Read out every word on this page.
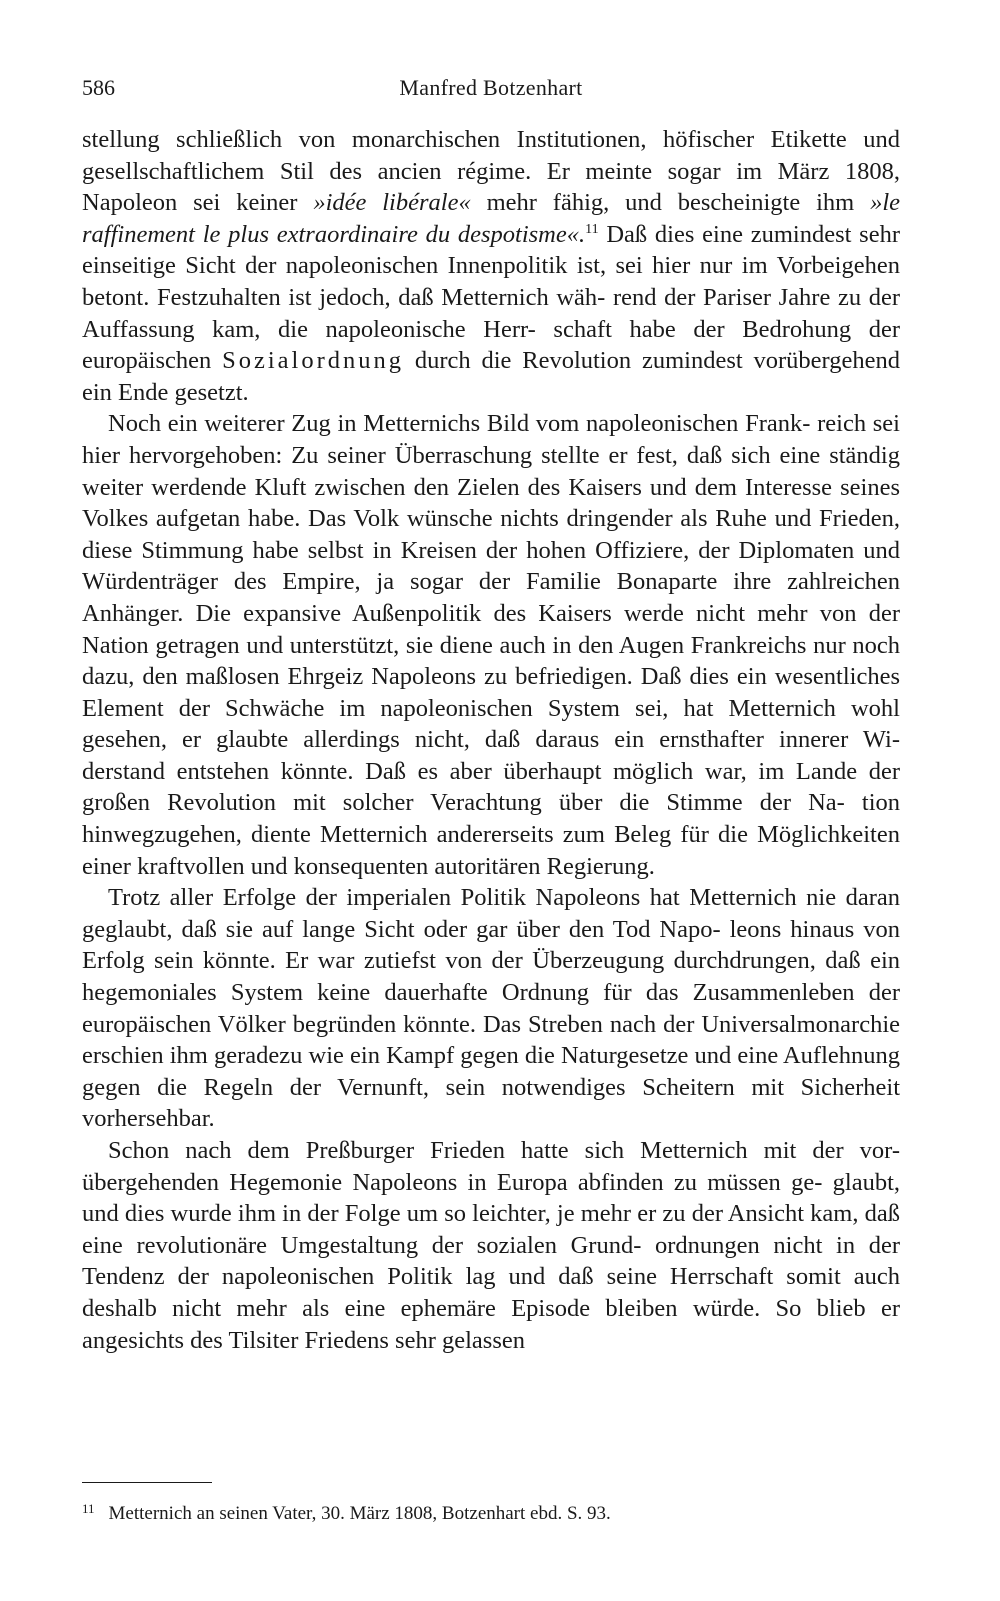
586	Manfred Botzenhart

stellung schließlich von monarchischen Institutionen, höfischer Etikette und gesellschaftlichem Stil des ancien régime. Er meinte sogar im März 1808, Napoleon sei keiner »idée libérale« mehr fähig, und bescheinigte ihm »le raffinement le plus extraordinaire du despotisme«.$^{11}$ Daß dies eine zumindest sehr einseitige Sicht der napoleonischen Innenpolitik ist, sei hier nur im Vorbeigehen betont. Festzuhalten ist jedoch, daß Metternich wäh- rend der Pariser Jahre zu der Auffassung kam, die napoleonische Herr- schaft habe der Bedrohung der europäischen Sozialordnung durch die Revolution zumindest vorübergehend ein Ende gesetzt.

Noch ein weiterer Zug in Metternichs Bild vom napoleonischen Frank- reich sei hier hervorgehoben: Zu seiner Überraschung stellte er fest, daß sich eine ständig weiter werdende Kluft zwischen den Zielen des Kaisers und dem Interesse seines Volkes aufgetan habe. Das Volk wünsche nichts dringender als Ruhe und Frieden, diese Stimmung habe selbst in Kreisen der hohen Offiziere, der Diplomaten und Würdenträger des Empire, ja sogar der Familie Bonaparte ihre zahlreichen Anhänger. Die expansive Außenpolitik des Kaisers werde nicht mehr von der Nation getragen und unterstützt, sie diene auch in den Augen Frankreichs nur noch dazu, den maßlosen Ehrgeiz Napoleons zu befriedigen. Daß dies ein wesentliches Element der Schwäche im napoleonischen System sei, hat Metternich wohl gesehen, er glaubte allerdings nicht, daß daraus ein ernsthafter innerer Wi- derstand entstehen könnte. Daß es aber überhaupt möglich war, im Lande der großen Revolution mit solcher Verachtung über die Stimme der Na- tion hinwegzugehen, diente Metternich andererseits zum Beleg für die Möglichkeiten einer kraftvollen und konsequenten autoritären Regierung.

Trotz aller Erfolge der imperialen Politik Napoleons hat Metternich nie daran geglaubt, daß sie auf lange Sicht oder gar über den Tod Napo- leons hinaus von Erfolg sein könnte. Er war zutiefst von der Überzeugung durchdrungen, daß ein hegemoniales System keine dauerhafte Ordnung für das Zusammenleben der europäischen Völker begründen könnte. Das Streben nach der Universalmonarchie erschien ihm geradezu wie ein Kampf gegen die Naturgesetze und eine Auflehnung gegen die Regeln der Vernunft, sein notwendiges Scheitern mit Sicherheit vorhersehbar.

Schon nach dem Preßburger Frieden hatte sich Metternich mit der vor- übergehenden Hegemonie Napoleons in Europa abfinden zu müssen ge- glaubt, und dies wurde ihm in der Folge um so leichter, je mehr er zu der Ansicht kam, daß eine revolutionäre Umgestaltung der sozialen Grund- ordnungen nicht in der Tendenz der napoleonischen Politik lag und daß seine Herrschaft somit auch deshalb nicht mehr als eine ephemäre Episode bleiben würde. So blieb er angesichts des Tilsiter Friedens sehr gelassen

11 Metternich an seinen Vater, 30. März 1808, Botzenhart ebd. S. 93.
